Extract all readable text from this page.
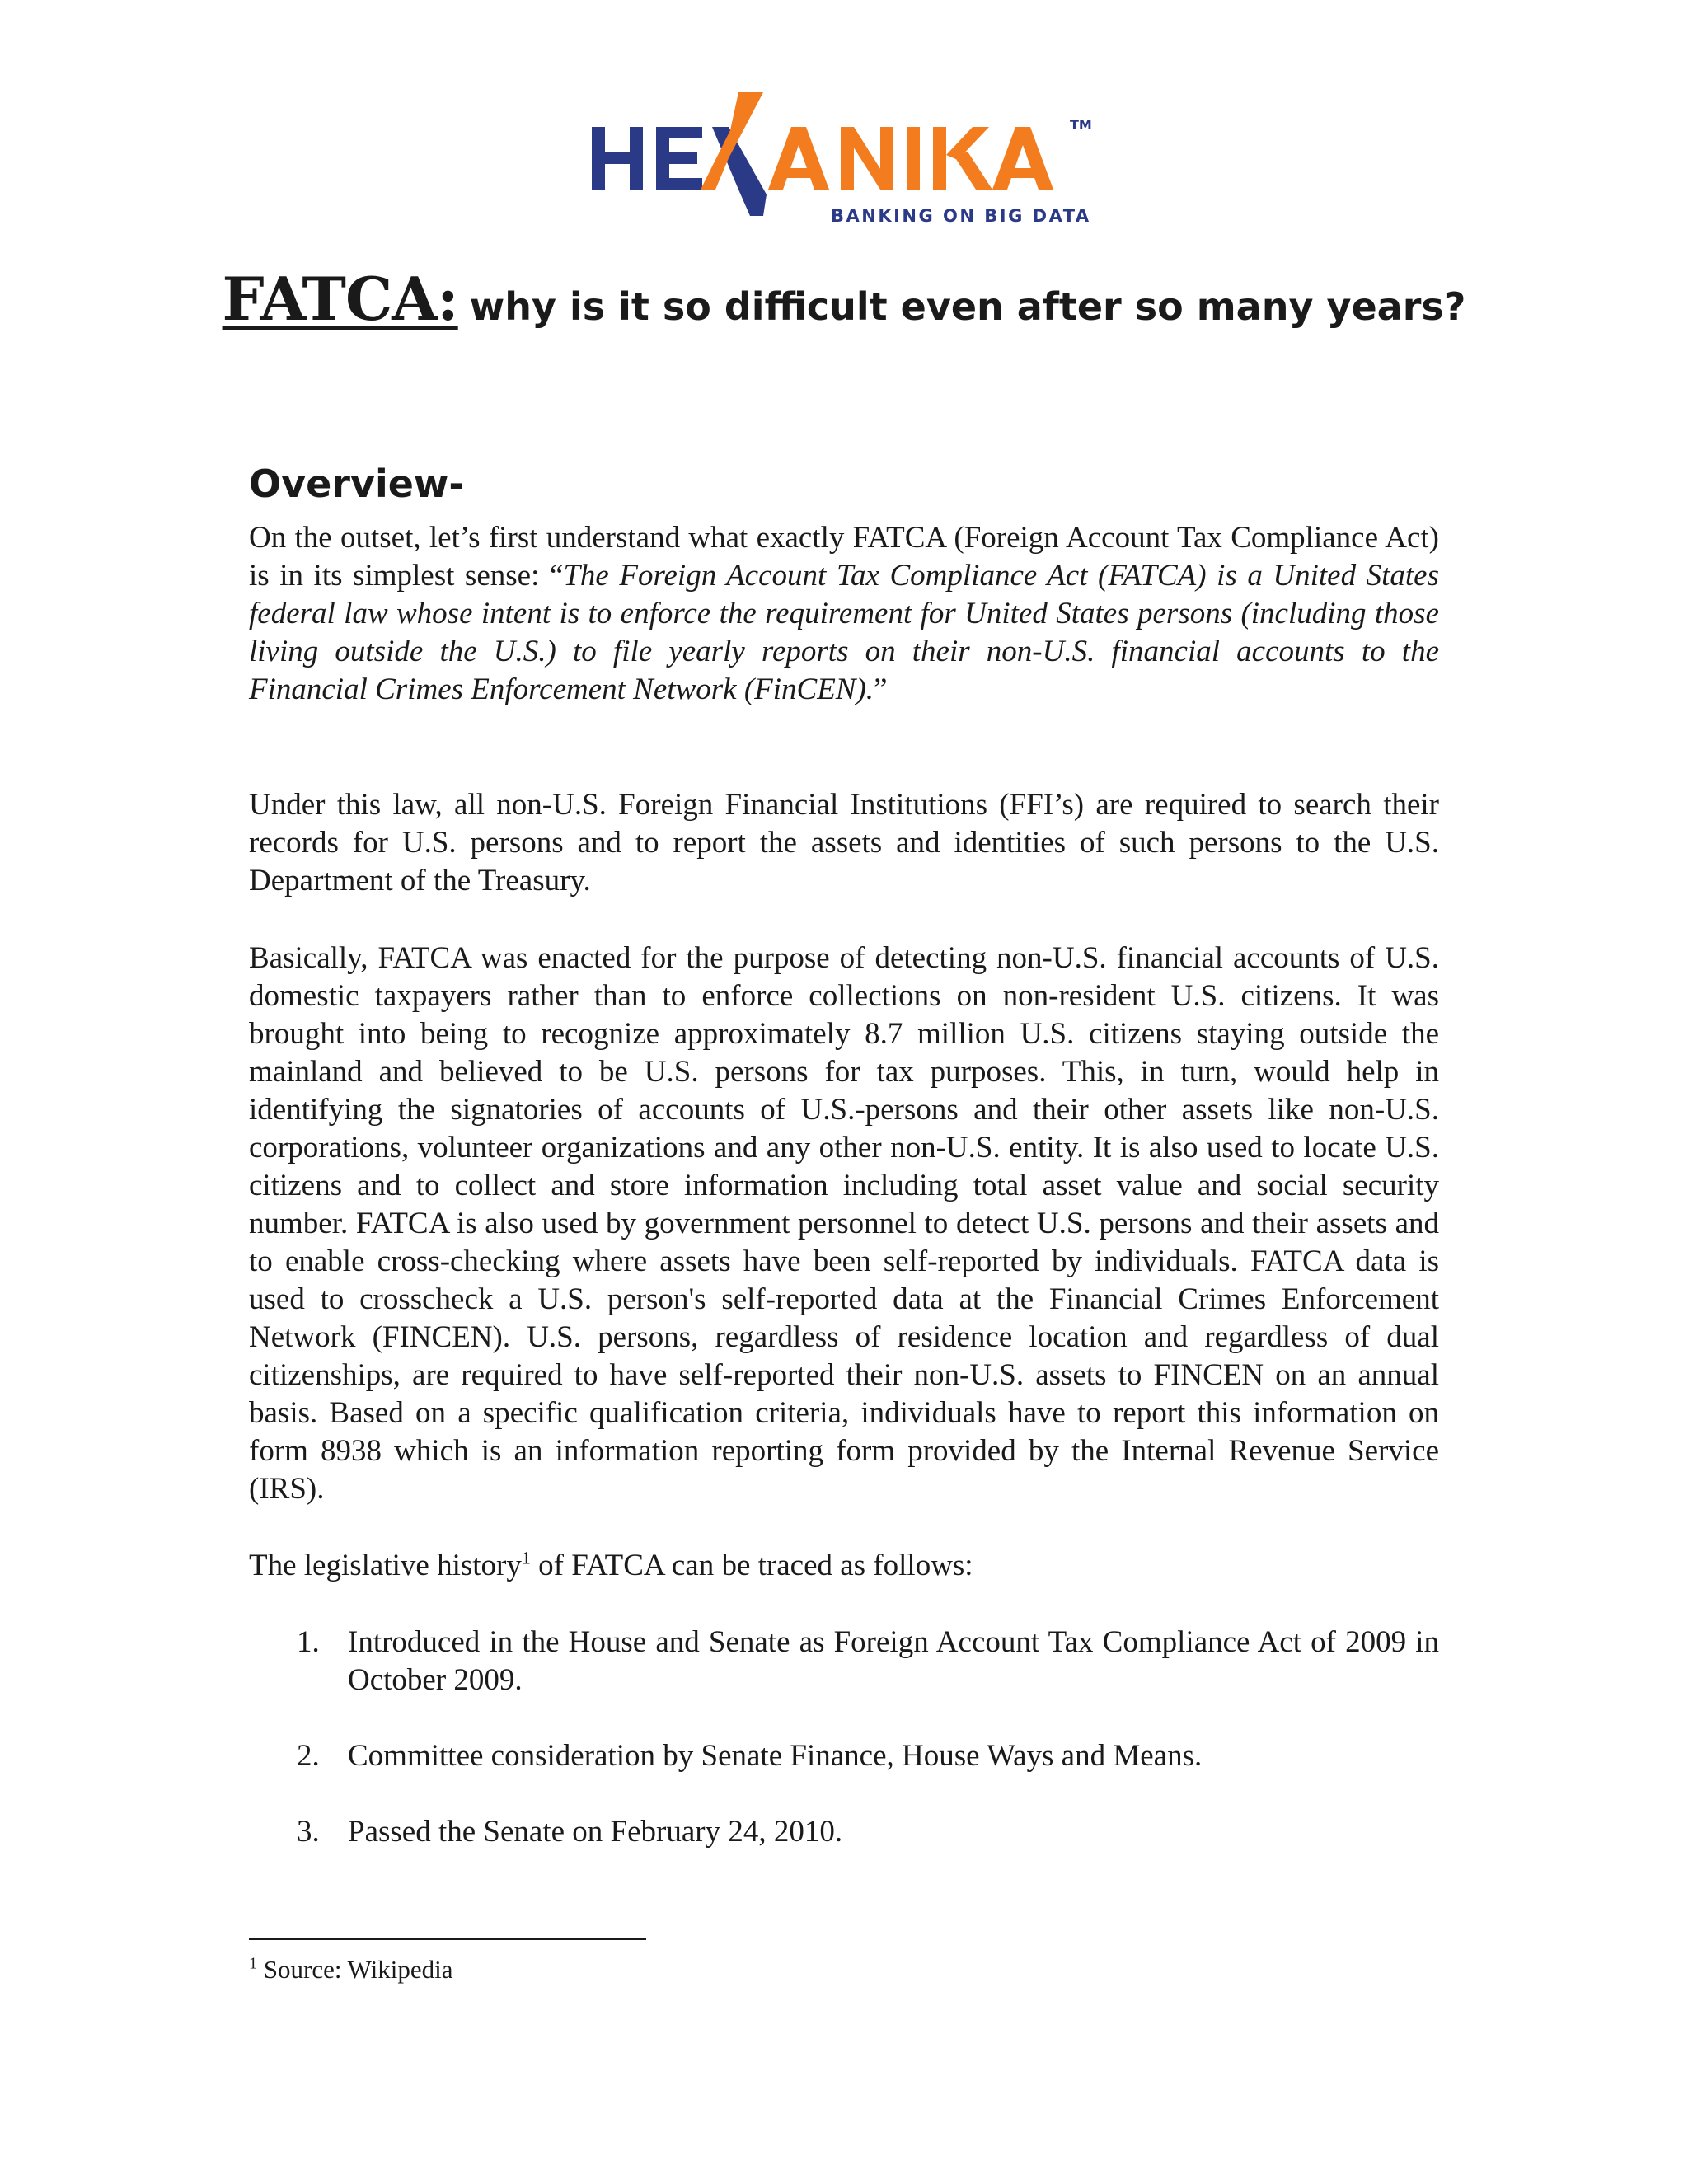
TM
BANKING ON BIG DATA
FATCA: why is it so difficult even after so many years?
Overview-

On the outset, let’s first understand what exactly FATCA (Foreign Account Tax Compliance Act) is in its simplest sense: “The Foreign Account Tax Compliance Act (FATCA) is a United States federal law whose intent is to enforce the requirement for United States persons (including those living outside the U.S.) to file yearly reports on their non-U.S. financial accounts to the Financial Crimes Enforcement Network (FinCEN).”

Under this law, all non-U.S. Foreign Financial Institutions (FFI’s) are required to search their records for U.S. persons and to report the assets and identities of such persons to the U.S. Department of the Treasury.

Basically, FATCA was enacted for the purpose of detecting non-U.S. financial accounts of U.S. domestic taxpayers rather than to enforce collections on non-resident U.S. citizens. It was brought into being to recognize approximately 8.7 million U.S. citizens staying outside the mainland and believed to be U.S. persons for tax purposes. This, in turn, would help in identifying the signatories of accounts of U.S.-persons and their other assets like non-U.S. corporations, volunteer organizations and any other non-U.S. entity. It is also used to locate U.S. citizens and to collect and store information including total asset value and social security number. FATCA is also used by government personnel to detect U.S. persons and their assets and to enable cross-checking where assets have been self-reported by individuals. FATCA data is used to crosscheck a U.S. person's self-reported data at the Financial Crimes Enforcement Network (FINCEN). U.S. persons, regardless of residence location and regardless of dual citizenships, are required to have self-reported their non-U.S. assets to FINCEN on an annual basis. Based on a specific qualification criteria, individuals have to report this information on form 8938 which is an information reporting form provided by the Internal Revenue Service (IRS).

The legislative history$^1$ of FATCA can be traced as follows:

1. Introduced in the House and Senate as Foreign Account Tax Compliance Act of 2009 in October 2009.
2. Committee consideration by Senate Finance, House Ways and Means.
3. Passed the Senate on February 24, 2010.
$^1$ Source: Wikipedia
